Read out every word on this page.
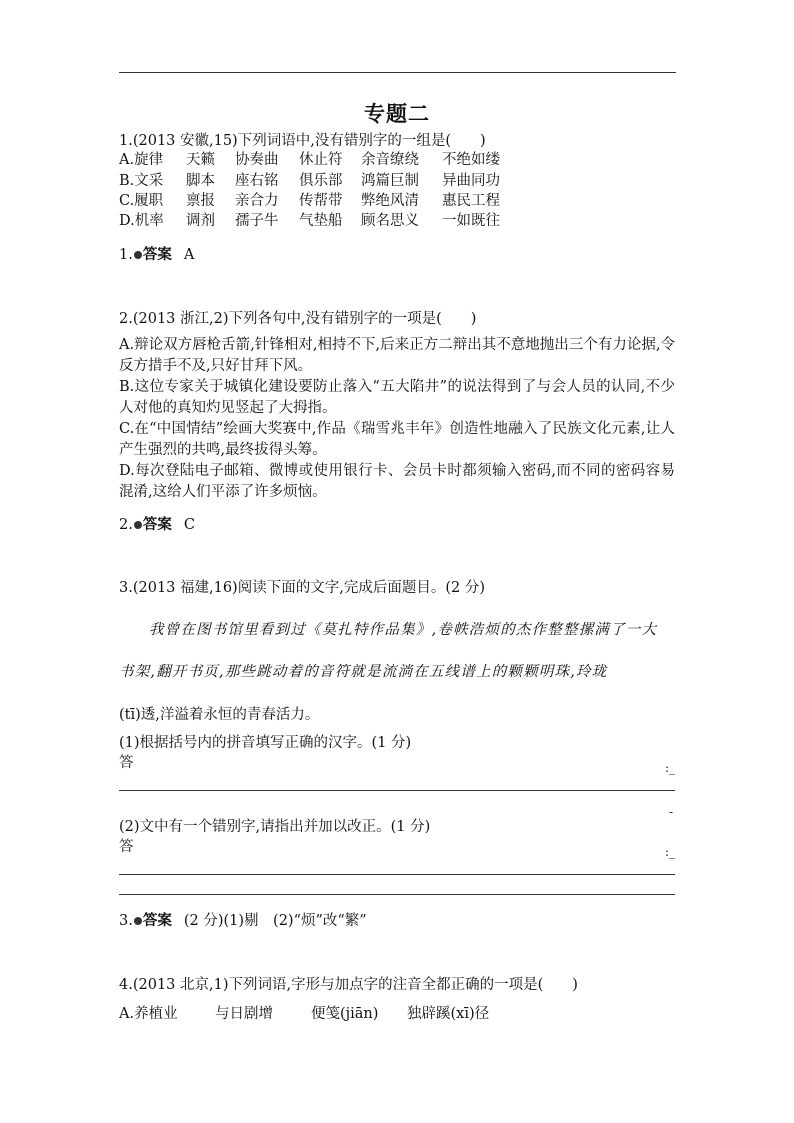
专题二
1.(2013 安徽,15)下列词语中,没有错别字的一组是(　　)
A.旋律 天籁 协奏曲 休止符 余音缭绕 不绝如缕
B.文采 脚本 座右铭 俱乐部 鸿篇巨制 异曲同功
C.履职 禀报 亲合力 传帮带 弊绝风清 惠民工程
D.机率 调剂 孺子牛 气垫船 顾名思义 一如既往
1. 答案 A
2.(2013 浙江,2)下列各句中,没有错别字的一项是(　　)
A.辩论双方唇枪舌箭,针锋相对,相持不下,后来正方二辩出其不意地抛出三个有力论据,令反方措手不及,只好甘拜下风。
B.这位专家关于城镇化建设要防止落入“五大陷井”的说法得到了与会人员的认同,不少人对他的真知灼见竖起了大拇指。
C.在“中国情结”绘画大奖赛中,作品《瑞雪兆丰年》创造性地融入了民族文化元素,让人产生强烈的共鸣,最终拔得头筹。
D.每次登陆电子邮箱、微博或使用银行卡、会员卡时都须输入密码,而不同的密码容易混淆,这给人们平添了许多烦恼。
2. 答案 C
3.(2013 福建,16)阅读下面的文字,完成后面题目。(2 分)
我曾在图书馆里看到过《莫扎特作品集》,卷帙浩烦的杰作整整摞满了一大
书架,翻开书页,那些跳动着的音符就是流淌在五线谱上的颗颗明珠,玲珑
(tī)透,洋溢着永恒的青春活力。
(1)根据括号内的拼音填写正确的汉字。(1 分)
答	:_
-
(2)文中有一个错别字,请指出并加以改正。(1 分)
答	:_
3. 答案 (2 分)(1)剔　(2)“烦”改“繁”
4.(2013 北京,1)下列词语,字形与加点字的注音全都正确的一项是(　　)
A.养植业	与日剧增	便笺(jiān) 独辟蹊(xī)径
